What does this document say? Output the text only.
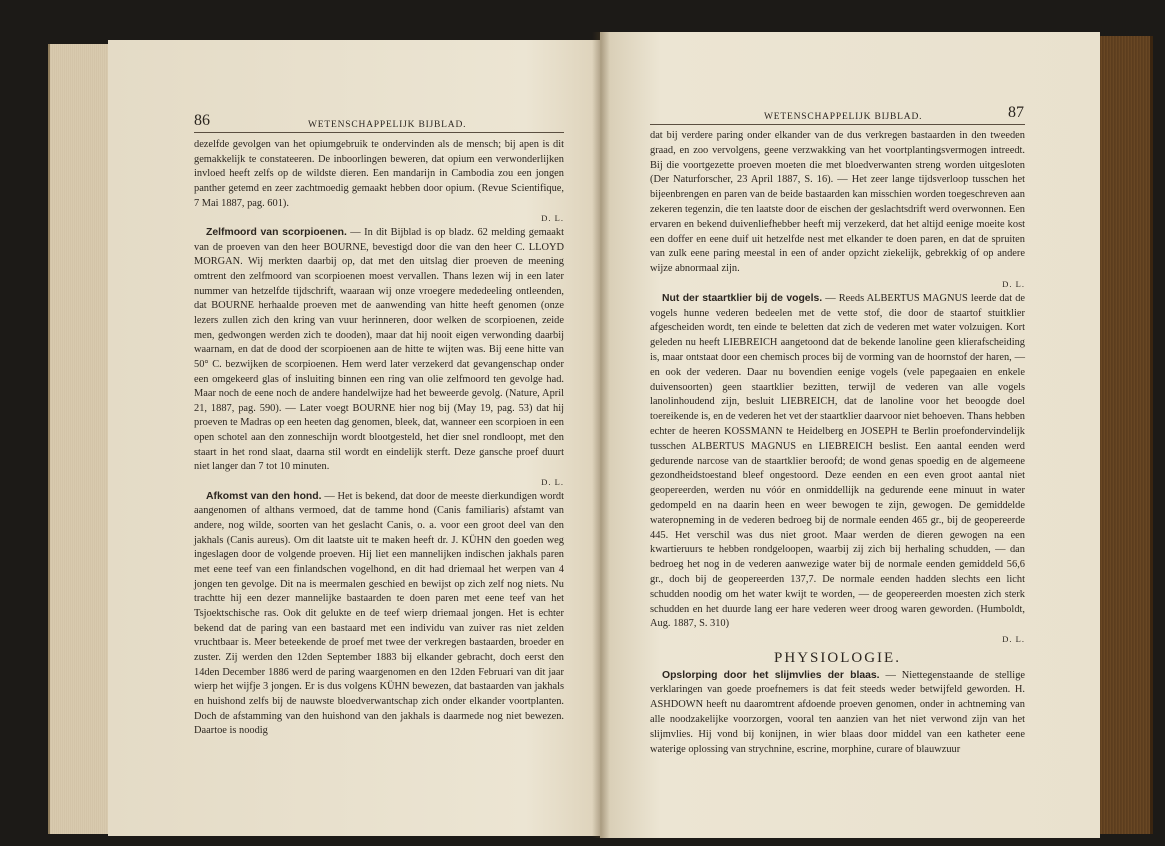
86	WETENSCHAPPELIJK BIJBLAD.

dezelfde gevolgen van het opiumgebruik te ondervinden als de mensch; bij apen is dit gemakkelijk te constateeren. De inboorlingen beweren, dat opium een verwonderlijken invloed heeft zelfs op de wildste dieren. Een mandarijn in Cambodia zou een jongen panther getemd en zeer zachtmoedig gemaakt hebben door opium. (Revue Scientifique, 7 Mai 1887, pag. 601).
D. L.

Zelfmoord van scorpioenen. — In dit Bijblad is op bladz. 62 melding gemaakt van de proeven van den heer BOURNE, bevestigd door die van den heer C. LLOYD MORGAN. Wij merkten daarbij op, dat met den uitslag dier proeven de meening omtrent den zelfmoord van scorpioenen moest vervallen. Thans lezen wij in een later nummer van hetzelfde tijdschrift, waaraan wij onze vroegere mededeeling ontleenden, dat BOURNE herhaalde proeven met de aanwending van hitte heeft genomen (onze lezers zullen zich den kring van vuur herinneren, door welken de scorpioenen, zeide men, gedwongen werden zich te dooden), maar dat hij nooit eigen verwonding daarbij waarnam, en dat de dood der scorpioenen aan de hitte te wijten was. Bij eene hitte van 50° C. bezwijken de scorpioenen. Hem werd later verzekerd dat gevangenschap onder een omgekeerd glas of insluiting binnen een ring van olie zelfmoord ten gevolge had. Maar noch de eene noch de andere handelwijze had het beweerde gevolg. (Nature, April 21, 1887, pag. 590). — Later voegt BOURNE hier nog bij (May 19, pag. 53) dat hij proeven te Madras op een heeten dag genomen, bleek, dat, wanneer een scorpioen in een open schotel aan den zonneschijn wordt blootgesteld, het dier snel rondloopt, met den staart in het rond slaat, daarna stil wordt en eindelijk sterft. Deze gansche proef duurt niet langer dan 7 tot 10 minuten.
D. L.

Afkomst van den hond. — Het is bekend, dat door de meeste dierkundigen wordt aangenomen of althans vermoed, dat de tamme hond (Canis familiaris) afstamt van andere, nog wilde, soorten van het geslacht Canis, o. a. voor een groot deel van den jakhals (Canis aureus). Om dit laatste uit te maken heeft dr. J. KÜHN den goeden weg ingeslagen door de volgende proeven. Hij liet een mannelijken indischen jakhals paren met eene teef van een finlandschen vogelhond, en dit had driemaal het werpen van 4 jongen ten gevolge. Dit na is meermalen geschied en bewijst op zich zelf nog niets. Nu trachtte hij een dezer mannelijke bastaarden te doen paren met eene teef van het Tsjoektschische ras. Ook dit gelukte en de teef wierp driemaal jongen. Het is echter bekend dat de paring van een bastaard met een individu van zuiver ras niet zelden vruchtbaar is. Meer beteekende de proef met twee der verkregen bastaarden, broeder en zuster. Zij werden den 12den September 1883 bij elkander gebracht, doch eerst den 14den December 1886 werd de paring waargenomen en den 12den Februari van dit jaar wierp het wijfje 3 jongen. Er is dus volgens KÜHN bewezen, dat bastaarden van jakhals en huishond zelfs bij de nauwste bloedverwantschap zich onder elkander voortplanten. Doch de afstamming van den huishond van den jakhals is daarmede nog niet bewezen. Daartoe is noodig

WETENSCHAPPELIJK BIJBLAD.	87

dat bij verdere paring onder elkander van de dus verkregen bastaarden in den tweeden graad, en zoo vervolgens, geene verzwakking van het voortplantingsvermogen intreedt. Bij die voortgezette proeven moeten die met bloedverwanten streng worden uitgesloten (Der Naturforscher, 23 April 1887, S. 16). — Het zeer lange tijdsverloop tusschen het bijeenbrengen en paren van de beide bastaarden kan misschien worden toegeschreven aan zekeren tegenzin, die ten laatste door de eischen der geslachtsdrift werd overwonnen. Een ervaren en bekend duivenliefhebber heeft mij verzekerd, dat het altijd eenige moeite kost een doffer en eene duif uit hetzelfde nest met elkander te doen paren, en dat de spruiten van zulk eene paring meestal in een of ander opzicht ziekelijk, gebrekkig of op andere wijze abnormaal zijn.
D. L.

Nut der staartklier bij de vogels. — Reeds ALBERTUS MAGNUS leerde dat de vogels hunne vederen bedeelen met de vette stof, die door de staartof stuitklier afgescheiden wordt, ten einde te beletten dat zich de vederen met water volzuigen. Kort geleden nu heeft LIEBREICH aangetoond dat de bekende lanoline geen klierafscheiding is, maar ontstaat door een chemisch proces bij de vorming van de hoornstof der haren, — en ook der vederen. Daar nu bovendien eenige vogels (vele papegaaien en enkele duivensoorten) geen staartklier bezitten, terwijl de vederen van alle vogels lanolinhoudend zijn, besluit LIEBREICH, dat de lanoline voor het beoogde doel toereikende is, en de vederen het vet der staartklier daarvoor niet behoeven. Thans hebben echter de heeren KOSSMANN te Heidelberg en JOSEPH te Berlin proefondervindelijk tusschen ALBERTUS MAGNUS en LIEBREICH beslist. Een aantal eenden werd gedurende narcose van de staartklier beroofd; de wond genas spoedig en de algemeene gezondheidstoestand bleef ongestoord. Deze eenden en een even groot aantal niet geopereerden, werden nu vóór en onmiddellijk na gedurende eene minuut in water gedompeld en na daarin heen en weer bewogen te zijn, gewogen. De gemiddelde wateropneming in de vederen bedroeg bij de normale eenden 465 gr., bij de geopereerde 445. Het verschil was dus niet groot. Maar werden de dieren gewogen na een kwartieruurs te hebben rondgeloopen, waarbij zij zich bij herhaling schudden, — dan bedroeg het nog in de vederen aanwezige water bij de normale eenden gemiddeld 56,6 gr., doch bij de geopereerden 137,7. De normale eenden hadden slechts een licht schudden noodig om het water kwijt te worden, — de geopereerden moesten zich sterk schudden en het duurde lang eer hare vederen weer droog waren geworden. (Humboldt, Aug. 1887, S. 310)
D. L.

PHYSIOLOGIE.

Opslorping door het slijmvlies der blaas. — Niettegenstaande de stellige verklaringen van goede proefnemers is dat feit steeds weder betwijfeld geworden. H. ASHDOWN heeft nu daaromtrent afdoende proeven genomen, onder in achtneming van alle noodzakelijke voorzorgen, vooral ten aanzien van het niet verwond zijn van het slijmvlies. Hij vond bij konijnen, in wier blaas door middel van een katheter eene waterige oplossing van strychnine, escrine, morphine, curare of blauwzuur
